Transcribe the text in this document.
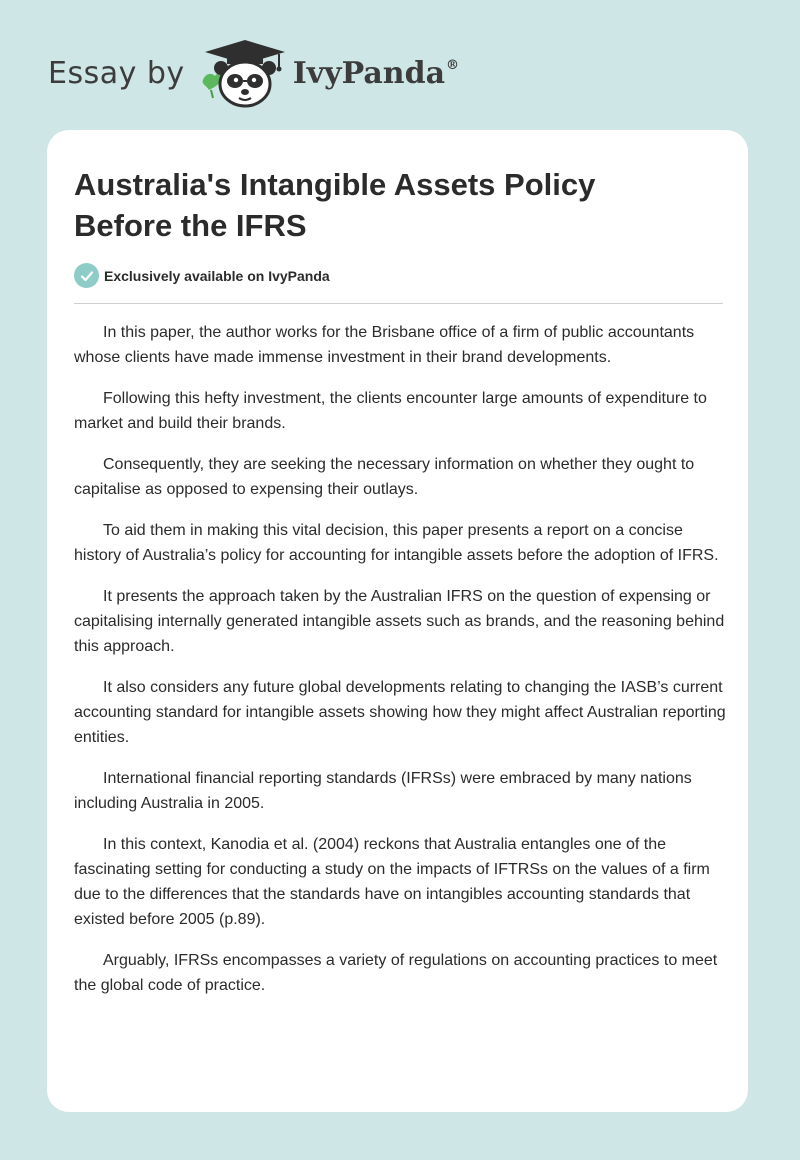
Essay by	IvyPanda®
Australia's Intangible Assets Policy Before the IFRS
Exclusively available on IvyPanda

In this paper, the author works for the Brisbane office of a firm of public accountants whose clients have made immense investment in their brand developments.

Following this hefty investment, the clients encounter large amounts of expenditure to market and build their brands.

Consequently, they are seeking the necessary information on whether they ought to capitalise as opposed to expensing their outlays.

To aid them in making this vital decision, this paper presents a report on a concise history of Australia’s policy for accounting for intangible assets before the adoption of IFRS.

It presents the approach taken by the Australian IFRS on the question of expensing or capitalising internally generated intangible assets such as brands, and the reasoning behind this approach.

It also considers any future global developments relating to changing the IASB’s current accounting standard for intangible assets showing how they might affect Australian reporting entities.

International financial reporting standards (IFRSs) were embraced by many nations including Australia in 2005.

In this context, Kanodia et al. (2004) reckons that Australia entangles one of the fascinating setting for conducting a study on the impacts of IFTRSs on the values of a firm due to the differences that the standards have on intangibles accounting standards that existed before 2005 (p.89).

Arguably, IFRSs encompasses a variety of regulations on accounting practices to meet the global code of practice.
